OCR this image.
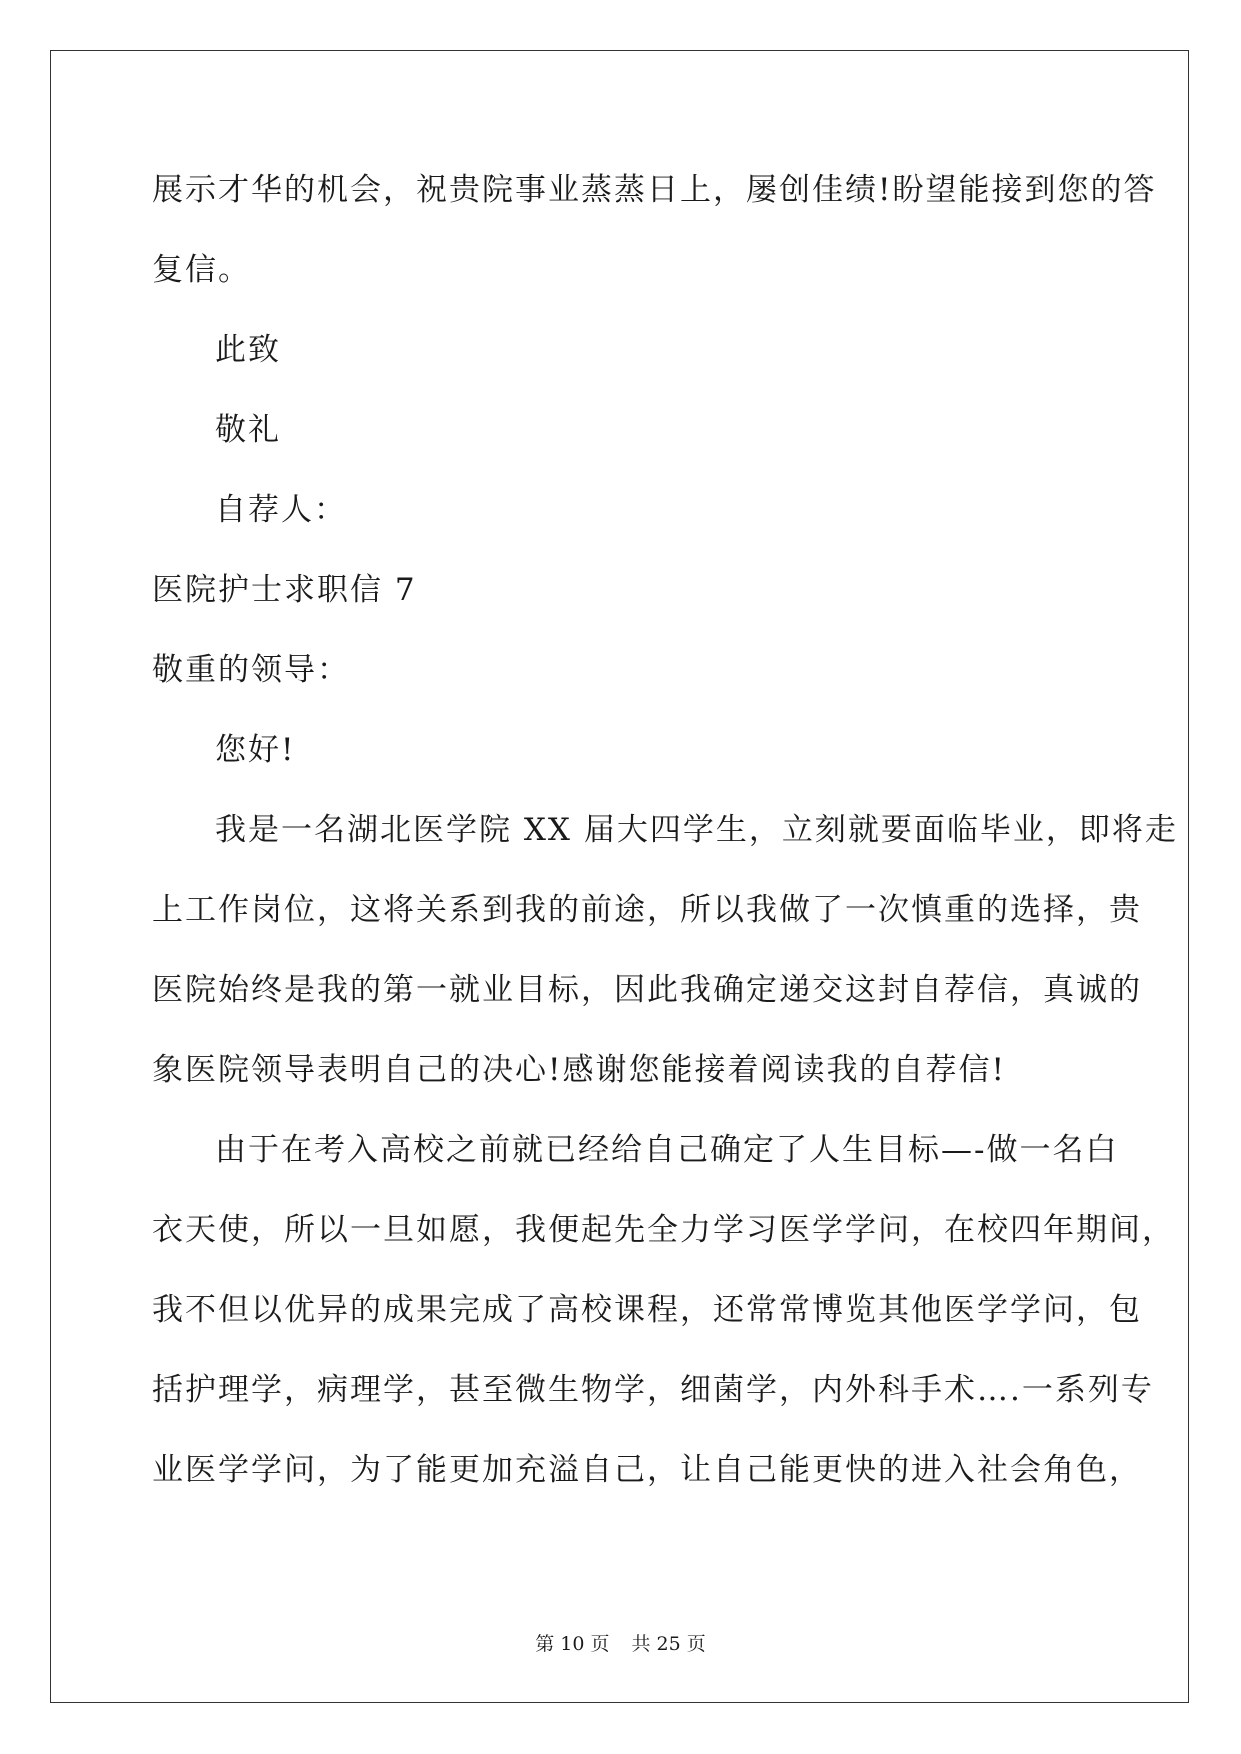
展示才华的机会，祝贵院事业蒸蒸日上，屡创佳绩!盼望能接到您的答
复信。
此致
敬礼
自荐人：
医院护士求职信 7
敬重的领导：
您好!
我是一名湖北医学院 XX 届大四学生，立刻就要面临毕业，即将走
上工作岗位，这将关系到我的前途，所以我做了一次慎重的选择，贵
医院始终是我的第一就业目标，因此我确定递交这封自荐信，真诚的
象医院领导表明自己的决心!感谢您能接着阅读我的自荐信!
由于在考入高校之前就已经给自己确定了人生目标—-做一名白
衣天使，所以一旦如愿，我便起先全力学习医学学问，在校四年期间，
我不但以优异的成果完成了高校课程，还常常博览其他医学学问，包
括护理学，病理学，甚至微生物学，细菌学，内外科手术….一系列专
业医学学问，为了能更加充溢自己，让自己能更快的进入社会角色，
第 10 页 共 25 页
